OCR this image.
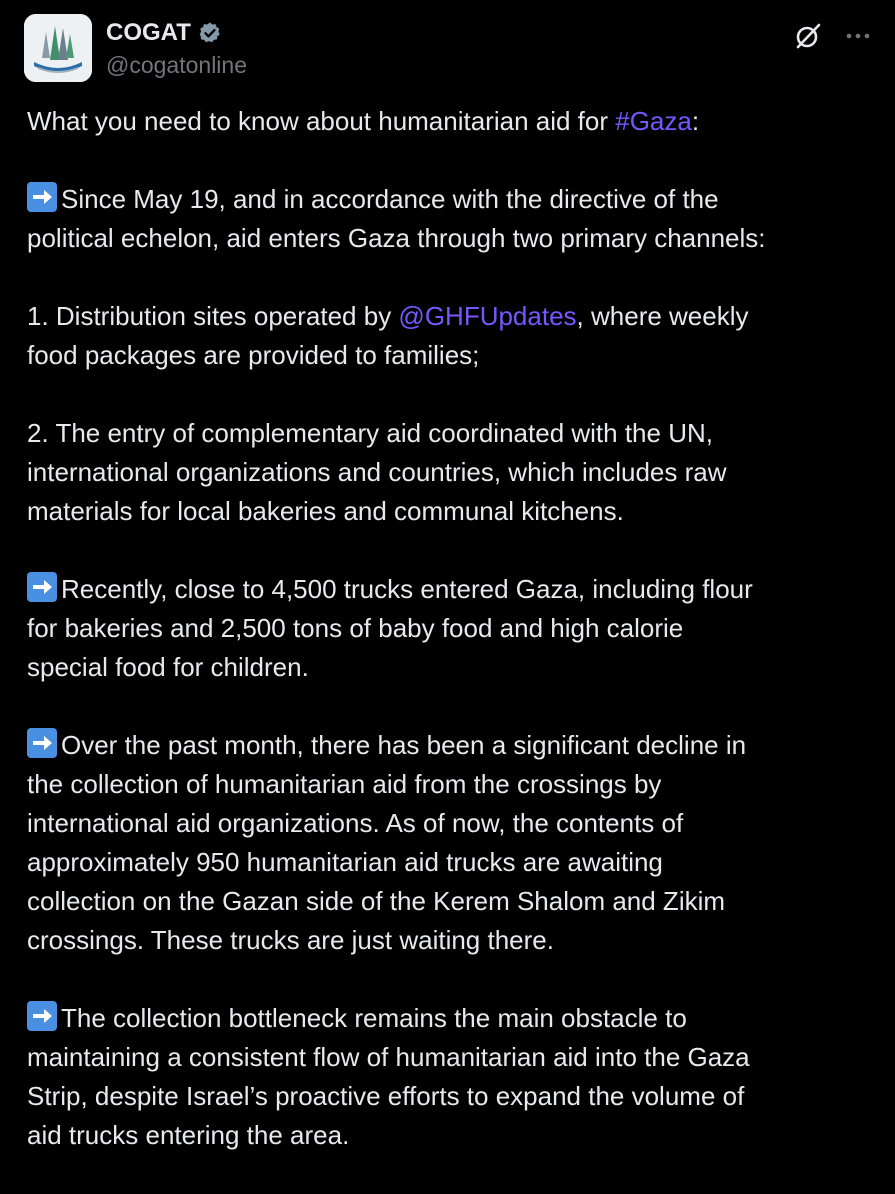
COGAT
@cogatonline
What you need to know about humanitarian aid for #Gaza:
Since May 19, and in accordance with the directive of the
political echelon, aid enters Gaza through two primary channels:
1. Distribution sites operated by @GHFUpdates, where weekly
food packages are provided to families;
2. The entry of complementary aid coordinated with the UN,
international organizations and countries, which includes raw
materials for local bakeries and communal kitchens.
Recently, close to 4,500 trucks entered Gaza, including flour
for bakeries and 2,500 tons of baby food and high calorie
special food for children.
Over the past month, there has been a significant decline in
the collection of humanitarian aid from the crossings by
international aid organizations. As of now, the contents of
approximately 950 humanitarian aid trucks are awaiting
collection on the Gazan side of the Kerem Shalom and Zikim
crossings. These trucks are just waiting there.
The collection bottleneck remains the main obstacle to
maintaining a consistent flow of humanitarian aid into the Gaza
Strip, despite Israel’s proactive efforts to expand the volume of
aid trucks entering the area.
